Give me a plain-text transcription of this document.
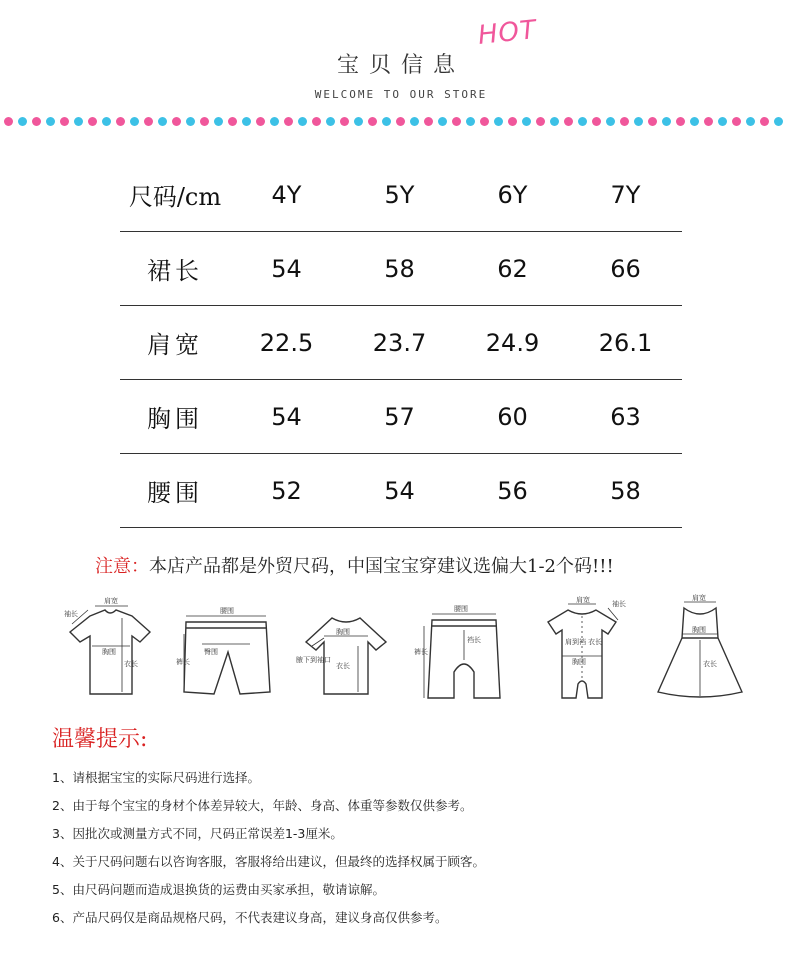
宝贝信息
HOT
WELCOME TO OUR STORE
尺码/cm	4Y	5Y	6Y	7Y
裙长	54	58	62	66
肩宽	22.5	23.7	24.9	26.1
胸围	54	57	60	63
腰围	52	54	56	58
注意：本店产品都是外贸尺码，中国宝宝穿建议选偏大1-2个码!!!
袖长
肩宽
胸围
衣长
腰围
裤长
臀围
胸围
腋下到袖口
衣长
腰围
裤长
裆长
肩宽	袖长
肩到裆 衣长
胸围
肩宽
胸围
衣长
温馨提示:
1、请根据宝宝的实际尺码进行选择。
2、由于每个宝宝的身材个体差异较大，年龄、身高、体重等参数仅供参考。
3、因批次或测量方式不同，尺码正常误差1-3厘米。
4、关于尺码问题右以咨询客服，客服将给出建议，但最终的选择权属于顾客。
5、由尺码问题而造成退换货的运费由买家承担，敬请谅解。
6、产品尺码仅是商品规格尺码，不代表建议身高，建议身高仅供参考。
